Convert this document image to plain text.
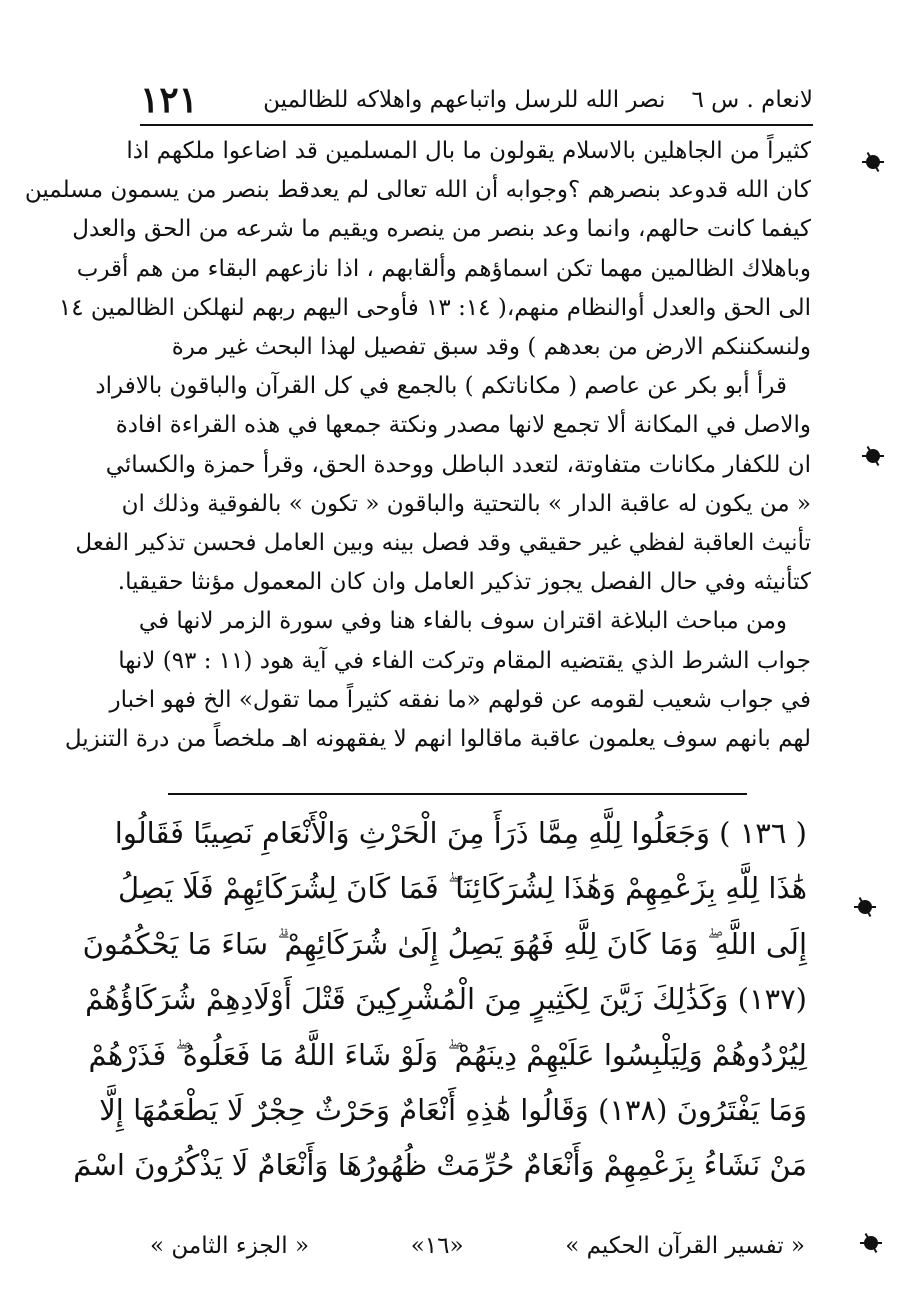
لانعام . س ٦
نصر الله للرسل واتباعهم واهلاكه للظالمين
١٢١
كثيراً من الجاهلين بالاسلام يقولون ما بال المسلمين قد اضاعوا ملكهم اذا
كان الله قدوعد بنصرهم ؟وجوابه أن الله تعالى لم يعدقط بنصر من يسمون مسلمين
كيفما كانت حالهم، وانما وعد بنصر من ينصره ويقيم ما شرعه من الحق والعدل
وباهلاك الظالمين مهما تكن اسماؤهم وألقابهم ، اذا نازعهم البقاء من هم أقرب
الى الحق والعدل أوالنظام منهم،( ١٤: ١٣ فأوحى اليهم ربهم لنهلكن الظالمين ١٤
ولنسكننكم الارض من بعدهم ) وقد سبق تفصيل لهذا البحث غير مرة
قرأ أبو بكر عن عاصم ( مكاناتكم ) بالجمع في كل القرآن والباقون بالافراد
والاصل في المكانة ألا تجمع لانها مصدر ونكتة جمعها في هذه القراءة افادة
ان للكفار مكانات متفاوتة، لتعدد الباطل ووحدة الحق، وقرأ حمزة والكسائي
« من يكون له عاقبة الدار » بالتحتية والباقون « تكون » بالفوقية وذلك ان
تأنيث العاقبة لفظي غير حقيقي وقد فصل بينه وبين العامل فحسن تذكير الفعل
كتأنيثه وفي حال الفصل يجوز تذكير العامل وان كان المعمول مؤنثا حقيقيا.
ومن مباحث البلاغة اقتران سوف بالفاء هنا وفي سورة الزمر لانها في
جواب الشرط الذي يقتضيه المقام وتركت الفاء في آية هود (١١ : ٩٣) لانها
في جواب شعيب لقومه عن قولهم «ما نفقه كثيراً مما تقول» الخ فهو اخبار
لهم بانهم سوف يعلمون عاقبة ماقالوا انهم لا يفقهونه اهـ ملخصاً من درة التنزيل
( ١٣٦ ) وَجَعَلُوا لِلَّهِ مِمَّا ذَرَأَ مِنَ الْحَرْثِ وَالْأَنْعَامِ نَصِيبًا فَقَالُوا
هَٰذَا لِلَّهِ بِزَعْمِهِمْ وَهَٰذَا لِشُرَكَائِنَا ۖ فَمَا كَانَ لِشُرَكَائِهِمْ فَلَا يَصِلُ
إِلَى اللَّهِ ۖ وَمَا كَانَ لِلَّهِ فَهُوَ يَصِلُ إِلَىٰ شُرَكَائِهِمْ ۗ سَاءَ مَا يَحْكُمُونَ
(١٣٧) وَكَذَٰلِكَ زَيَّنَ لِكَثِيرٍ مِنَ الْمُشْرِكِينَ قَتْلَ أَوْلَادِهِمْ شُرَكَاؤُهُمْ
لِيُرْدُوهُمْ وَلِيَلْبِسُوا عَلَيْهِمْ دِينَهُمْ ۖ وَلَوْ شَاءَ اللَّهُ مَا فَعَلُوهُ ۖ فَذَرْهُمْ
وَمَا يَفْتَرُونَ (١٣٨) وَقَالُوا هَٰذِهِ أَنْعَامٌ وَحَرْثٌ حِجْرٌ لَا يَطْعَمُهَا إِلَّا
مَنْ نَشَاءُ بِزَعْمِهِمْ وَأَنْعَامٌ حُرِّمَتْ ظُهُورُهَا وَأَنْعَامٌ لَا يَذْكُرُونَ اسْمَ
« تفسير القرآن الحكيم »
«١٦»
« الجزء الثامن »
